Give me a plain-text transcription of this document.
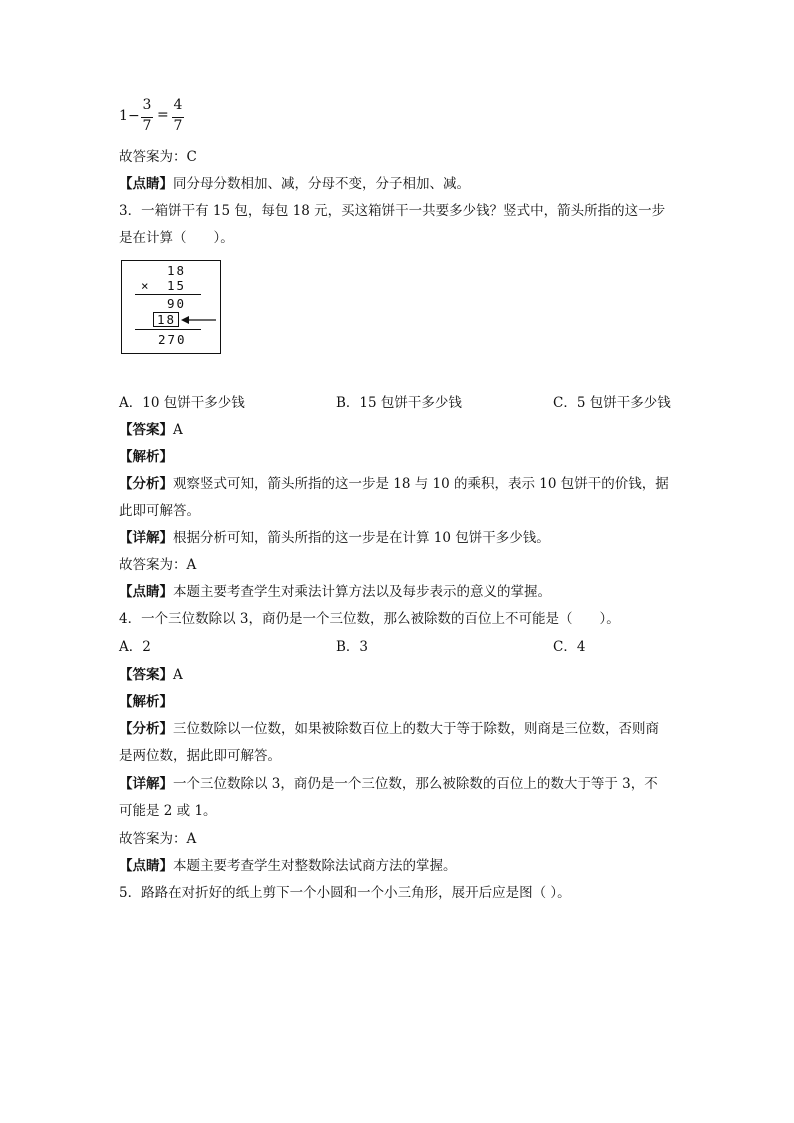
1 −
3
7
=
4
7
故答案为：C
【点睛】同分母分数相加、减，分母不变，分子相加、减。
3．一箱饼干有 15 包，每包 18 元，买这箱饼干一共要多少钱？竖式中，箭头所指的这一步
是在计算（　　）。
18
× 15
90
18
270
A．10 包饼干多少钱	B．15 包饼干多少钱	C．5 包饼干多少钱
【答案】A
【解析】
【分析】观察竖式可知，箭头所指的这一步是 18 与 10 的乘积，表示 10 包饼干的价钱，据
此即可解答。
【详解】根据分析可知，箭头所指的这一步是在计算 10 包饼干多少钱。
故答案为：A
【点睛】本题主要考查学生对乘法计算方法以及每步表示的意义的掌握。
4．一个三位数除以 3，商仍是一个三位数，那么被除数的百位上不可能是（　　）。
A．2	B．3	C．4
【答案】A
【解析】
【分析】三位数除以一位数，如果被除数百位上的数大于等于除数，则商是三位数，否则商
是两位数，据此即可解答。
【详解】一个三位数除以 3，商仍是一个三位数，那么被除数的百位上的数大于等于 3，不
可能是 2 或 1。
故答案为：A
【点睛】本题主要考查学生对整数除法试商方法的掌握。
5．路路在对折好的纸上剪下一个小圆和一个小三角形，展开后应是图（ ）。
